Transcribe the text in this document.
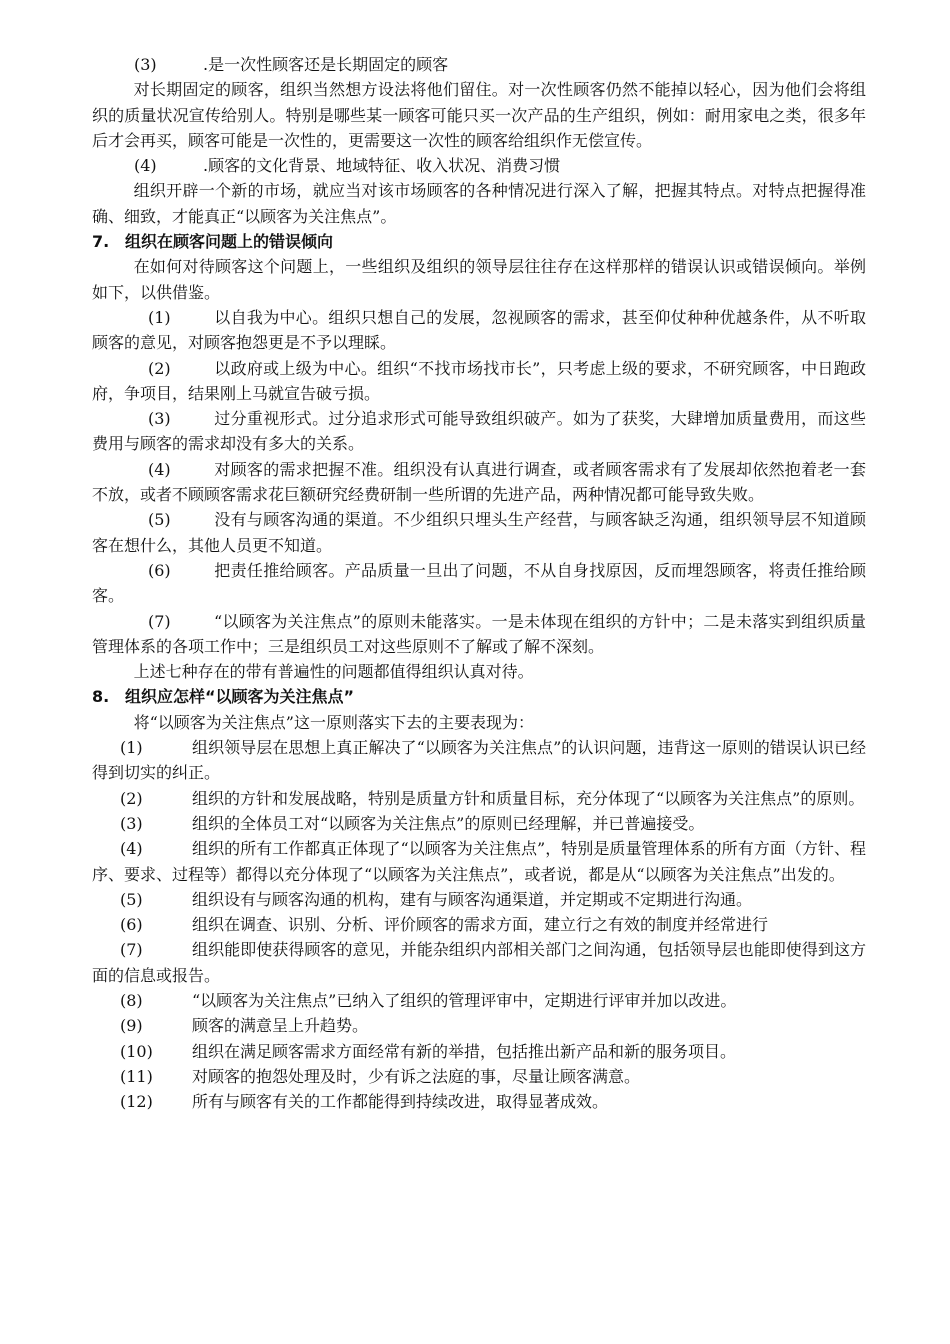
(3)	.是一次性顾客还是长期固定的顾客

对长期固定的顾客，组织当然想方设法将他们留住。对一次性顾客仍然不能掉以轻心，因为他们会将组织的质量状况宣传给别人。特别是哪些某一顾客可能只买一次产品的生产组织，例如：耐用家电之类，很多年后才会再买，顾客可能是一次性的，更需要这一次性的顾客给组织作无偿宣传。

(4)	.顾客的文化背景、地域特征、收入状况、消费习惯

组织开辟一个新的市场，就应当对该市场顾客的各种情况进行深入了解，把握其特点。对特点把握得准确、细致，才能真正“以顾客为关注焦点”。

7. 组织在顾客问题上的错误倾向

在如何对待顾客这个问题上，一些组织及组织的领导层往往存在这样那样的错误认识或错误倾向。举例如下，以供借鉴。

(1)	以自我为中心。组织只想自己的发展，忽视顾客的需求，甚至仰仗种种优越条件，从不听取顾客的意见，对顾客抱怨更是不予以理睬。

(2)	以政府或上级为中心。组织“不找市场找市长”，只考虑上级的要求，不研究顾客，中日跑政府，争项目，结果刚上马就宣告破亏损。

(3)	过分重视形式。过分追求形式可能导致组织破产。如为了获奖，大肆增加质量费用，而这些费用与顾客的需求却没有多大的关系。

(4)	对顾客的需求把握不准。组织没有认真进行调查，或者顾客需求有了发展却依然抱着老一套不放，或者不顾顾客需求花巨额研究经费研制一些所谓的先进产品，两种情况都可能导致失败。

(5)	没有与顾客沟通的渠道。不少组织只埋头生产经营，与顾客缺乏沟通，组织领导层不知道顾客在想什么，其他人员更不知道。

(6)	把责任推给顾客。产品质量一旦出了问题，不从自身找原因，反而埋怨顾客，将责任推给顾客。

(7)	“以顾客为关注焦点”的原则未能落实。一是未体现在组织的方针中；二是未落实到组织质量管理体系的各项工作中；三是组织员工对这些原则不了解或了解不深刻。

上述七种存在的带有普遍性的问题都值得组织认真对待。

8. 组织应怎样“以顾客为关注焦点”

将“以顾客为关注焦点”这一原则落实下去的主要表现为：

(1)	组织领导层在思想上真正解决了“以顾客为关注焦点”的认识问题，违背这一原则的错误认识已经得到切实的纠正。

(2)	组织的方针和发展战略，特别是质量方针和质量目标，充分体现了“以顾客为关注焦点”的原则。

(3)	组织的全体员工对“以顾客为关注焦点”的原则已经理解，并已普遍接受。

(4)	组织的所有工作都真正体现了“以顾客为关注焦点”，特别是质量管理体系的所有方面（方针、程序、要求、过程等）都得以充分体现了“以顾客为关注焦点”，或者说，都是从“以顾客为关注焦点”出发的。

(5)	组织设有与顾客沟通的机构，建有与顾客沟通渠道，并定期或不定期进行沟通。

(6)	组织在调查、识别、分析、评价顾客的需求方面，建立行之有效的制度并经常进行

(7)	组织能即使获得顾客的意见，并能杂组织内部相关部门之间沟通，包括领导层也能即使得到这方面的信息或报告。

(8)	“以顾客为关注焦点”已纳入了组织的管理评审中，定期进行评审并加以改进。

(9)	顾客的满意呈上升趋势。

(10) 组织在满足顾客需求方面经常有新的举措，包括推出新产品和新的服务项目。

(11) 对顾客的抱怨处理及时，少有诉之法庭的事，尽量让顾客满意。

(12) 所有与顾客有关的工作都能得到持续改进，取得显著成效。
